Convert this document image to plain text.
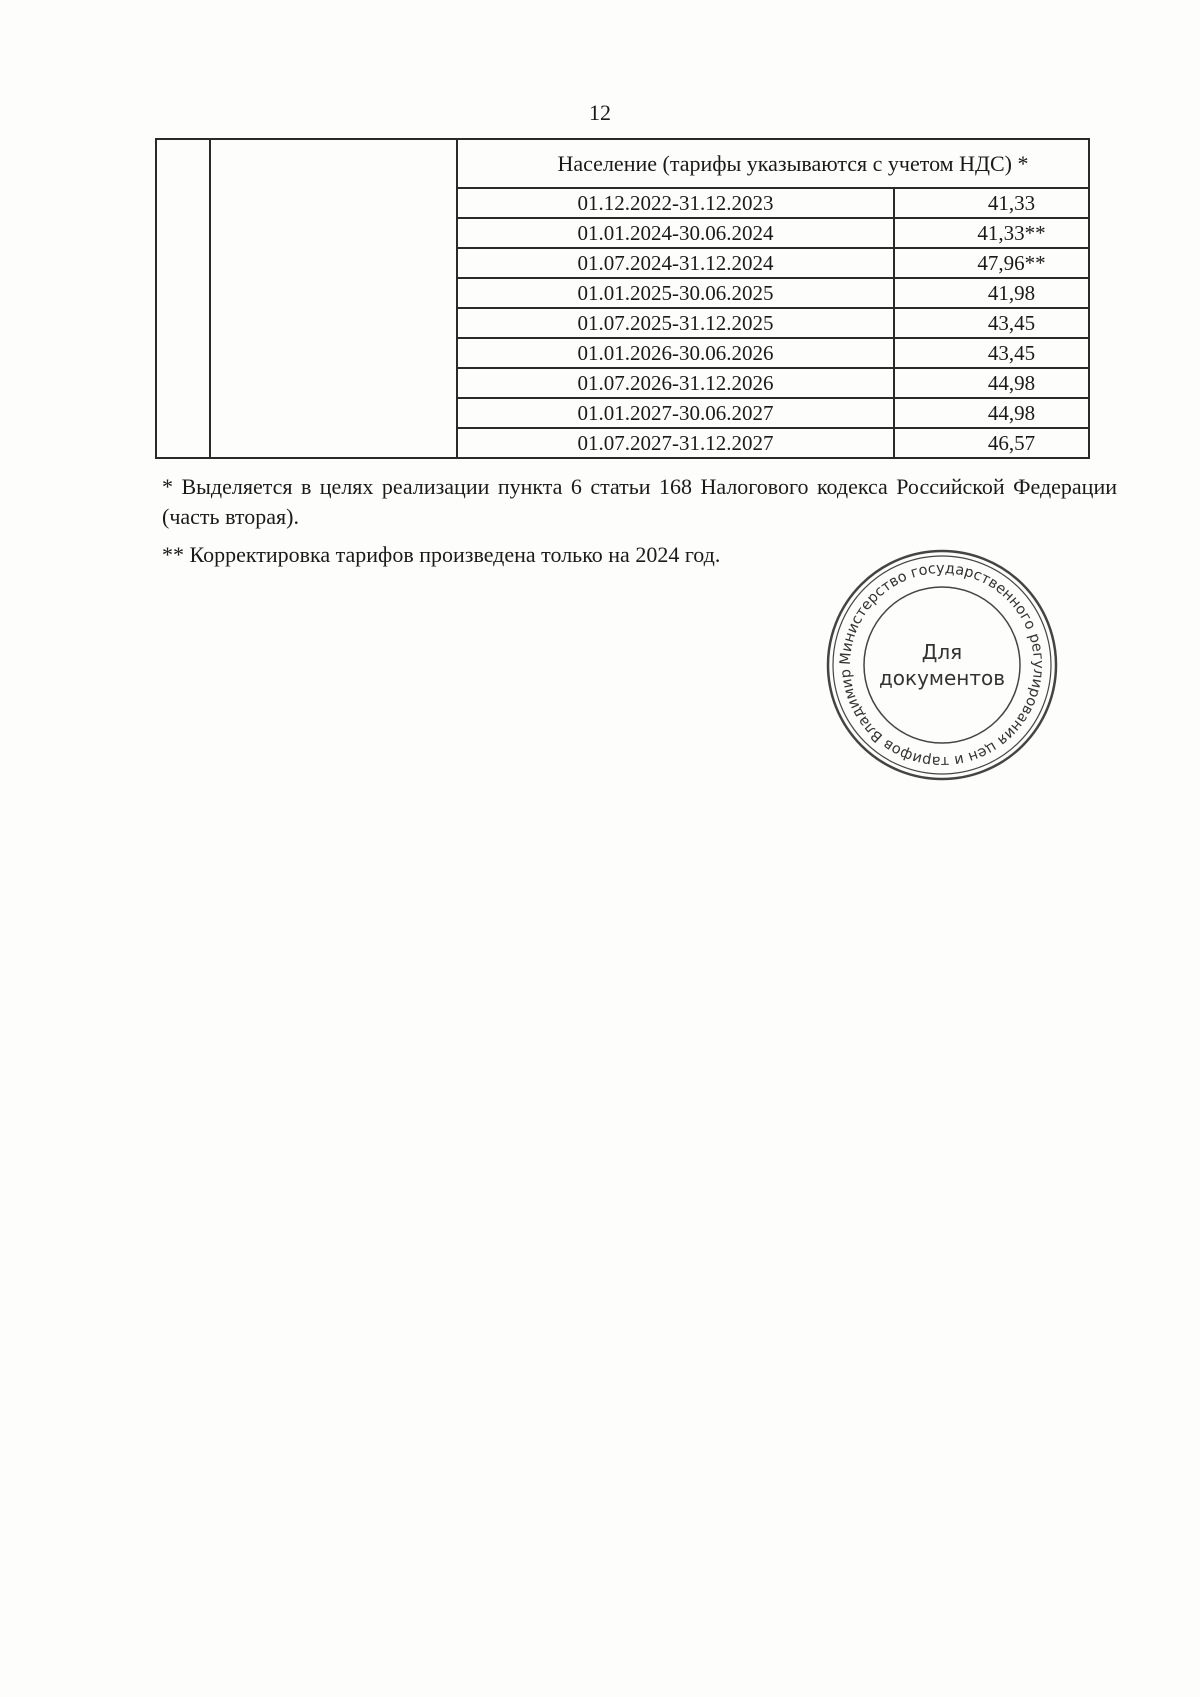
12
		Население (тарифы указываются с учетом НДС) *	
		01.12.2022-31.12.2023	41,33
		01.01.2024-30.06.2024	41,33**
		01.07.2024-31.12.2024	47,96**
		01.01.2025-30.06.2025	41,98
		01.07.2025-31.12.2025	43,45
		01.01.2026-30.06.2026	43,45
		01.07.2026-31.12.2026	44,98
		01.01.2027-30.06.2027	44,98
		01.07.2027-31.12.2027	46,57
* Выделяется в целях реализации пункта 6 статьи 168 Налогового кодекса Российской Федерации (часть вторая).
** Корректировка тарифов произведена только на 2024 год.
Министерство государственного регулирования цен и тарифов Владимир
Для
документов
